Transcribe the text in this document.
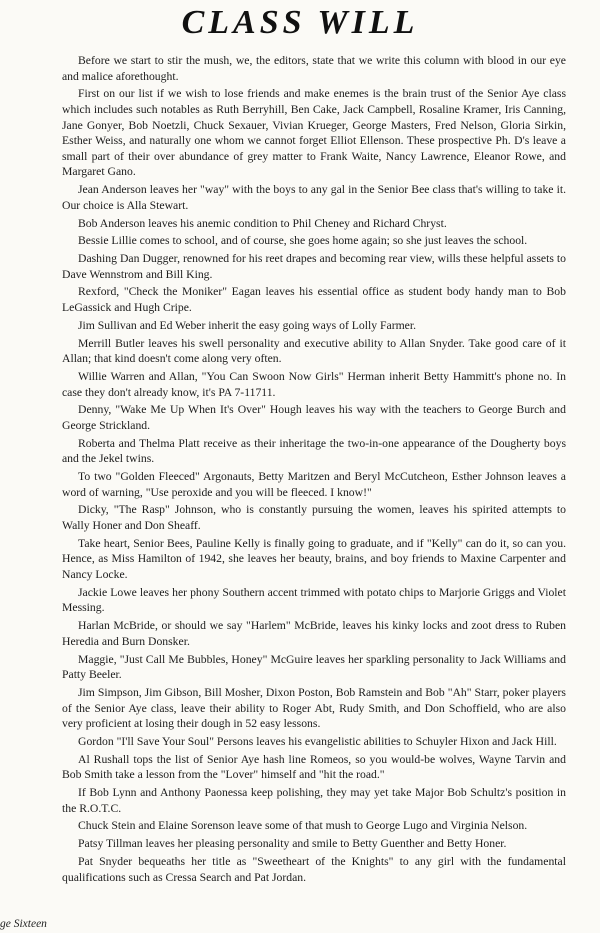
CLASS WILL

Before we start to stir the mush, we, the editors, state that we write this column with blood in our eye and malice aforethought.

First on our list if we wish to lose friends and make enemes is the brain trust of the Senior Aye class which includes such notables as Ruth Berryhill, Ben Cake, Jack Campbell, Rosaline Kramer, Iris Canning, Jane Gonyer, Bob Noetzli, Chuck Sexauer, Vivian Krueger, George Masters, Fred Nelson, Gloria Sirkin, Esther Weiss, and naturally one whom we cannot forget Elliot Ellenson. These prospective Ph. D's leave a small part of their over abundance of grey matter to Frank Waite, Nancy Lawrence, Eleanor Rowe, and Margaret Gano.

Jean Anderson leaves her "way" with the boys to any gal in the Senior Bee class that's willing to take it. Our choice is Alla Stewart.

Bob Anderson leaves his anemic condition to Phil Cheney and Richard Chryst.

Bessie Lillie comes to school, and of course, she goes home again; so she just leaves the school.

Dashing Dan Dugger, renowned for his reet drapes and becoming rear view, wills these helpful assets to Dave Wennstrom and Bill King.

Rexford, "Check the Moniker" Eagan leaves his essential office as student body handy man to Bob LeGassick and Hugh Cripe.

Jim Sullivan and Ed Weber inherit the easy going ways of Lolly Farmer.

Merrill Butler leaves his swell personality and executive ability to Allan Snyder. Take good care of it Allan; that kind doesn't come along very often.

Willie Warren and Allan, "You Can Swoon Now Girls" Herman inherit Betty Hammitt's phone no. In case they don't already know, it's PA 7-11711.

Denny, "Wake Me Up When It's Over" Hough leaves his way with the teachers to George Burch and George Strickland.

Roberta and Thelma Platt receive as their inheritage the two-in-one appearance of the Dougherty boys and the Jekel twins.

To two "Golden Fleeced" Argonauts, Betty Maritzen and Beryl McCutcheon, Esther Johnson leaves a word of warning, "Use peroxide and you will be fleeced. I know!"

Dicky, "The Rasp" Johnson, who is constantly pursuing the women, leaves his spirited attempts to Wally Honer and Don Sheaff.

Take heart, Senior Bees, Pauline Kelly is finally going to graduate, and if "Kelly" can do it, so can you. Hence, as Miss Hamilton of 1942, she leaves her beauty, brains, and boy friends to Maxine Carpenter and Nancy Locke.

Jackie Lowe leaves her phony Southern accent trimmed with potato chips to Marjorie Griggs and Violet Messing.

Harlan McBride, or should we say "Harlem" McBride, leaves his kinky locks and zoot dress to Ruben Heredia and Burn Donsker.

Maggie, "Just Call Me Bubbles, Honey" McGuire leaves her sparkling personality to Jack Williams and Patty Beeler.

Jim Simpson, Jim Gibson, Bill Mosher, Dixon Poston, Bob Ramstein and Bob "Ah" Starr, poker players of the Senior Aye class, leave their ability to Roger Abt, Rudy Smith, and Don Schoffield, who are also very proficient at losing their dough in 52 easy lessons.

Gordon "I'll Save Your Soul" Persons leaves his evangelistic abilities to Schuyler Hixon and Jack Hill.

Al Rushall tops the list of Senior Aye hash line Romeos, so you would-be wolves, Wayne Tarvin and Bob Smith take a lesson from the "Lover" himself and "hit the road."

If Bob Lynn and Anthony Paonessa keep polishing, they may yet take Major Bob Schultz's position in the R.O.T.C.

Chuck Stein and Elaine Sorenson leave some of that mush to George Lugo and Virginia Nelson.

Patsy Tillman leaves her pleasing personality and smile to Betty Guenther and Betty Honer.

Pat Snyder bequeaths her title as "Sweetheart of the Knights" to any girl with the fundamental qualifications such as Cressa Search and Pat Jordan.

ge Sixteen
